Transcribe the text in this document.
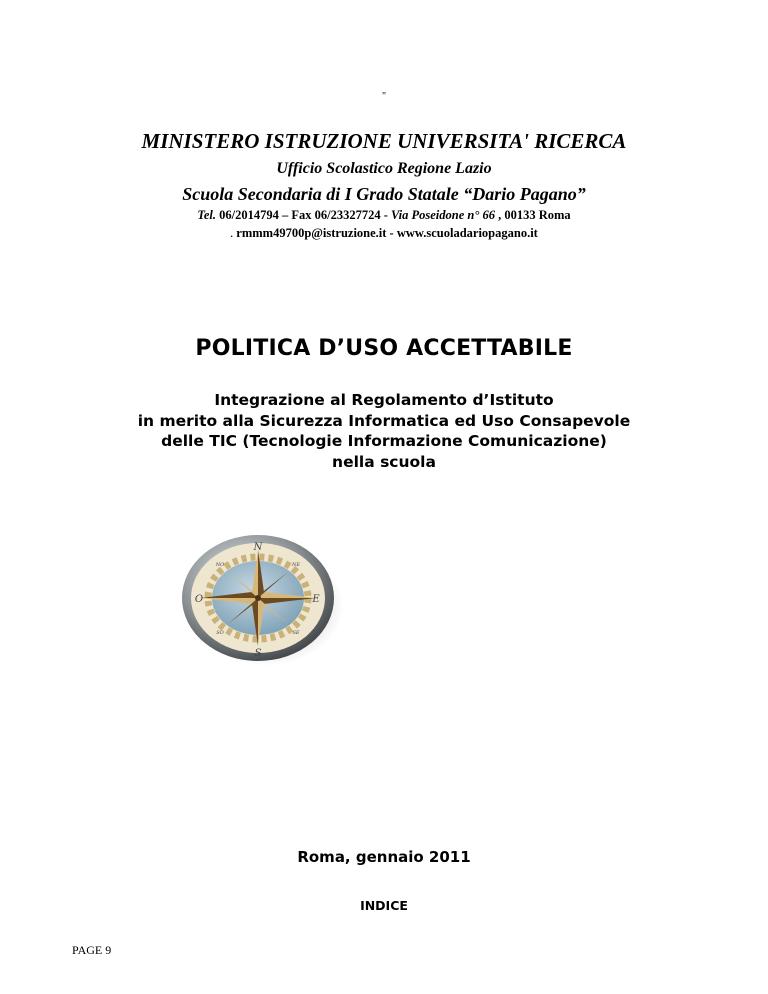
"
MINISTERO ISTRUZIONE UNIVERSITA' RICERCA
Ufficio Scolastico Regione Lazio
Scuola Secondaria di I Grado Statale “Dario Pagano”
Tel. 06/2014794 – Fax 06/23327724 - Via Poseidone n° 66 , 00133 Roma
. rmmm49700p@istruzione.it - www.scuoladariopagano.it
POLITICA D’USO ACCETTABILE
Integrazione al Regolamento d’Istituto
in merito alla Sicurezza Informatica ed Uso Consapevole
delle TIC (Tecnologie Informazione Comunicazione)
nella scuola
N
S
E
O
NO	NE
SO	SE
Roma, gennaio 2011
INDICE
PAGE 9
